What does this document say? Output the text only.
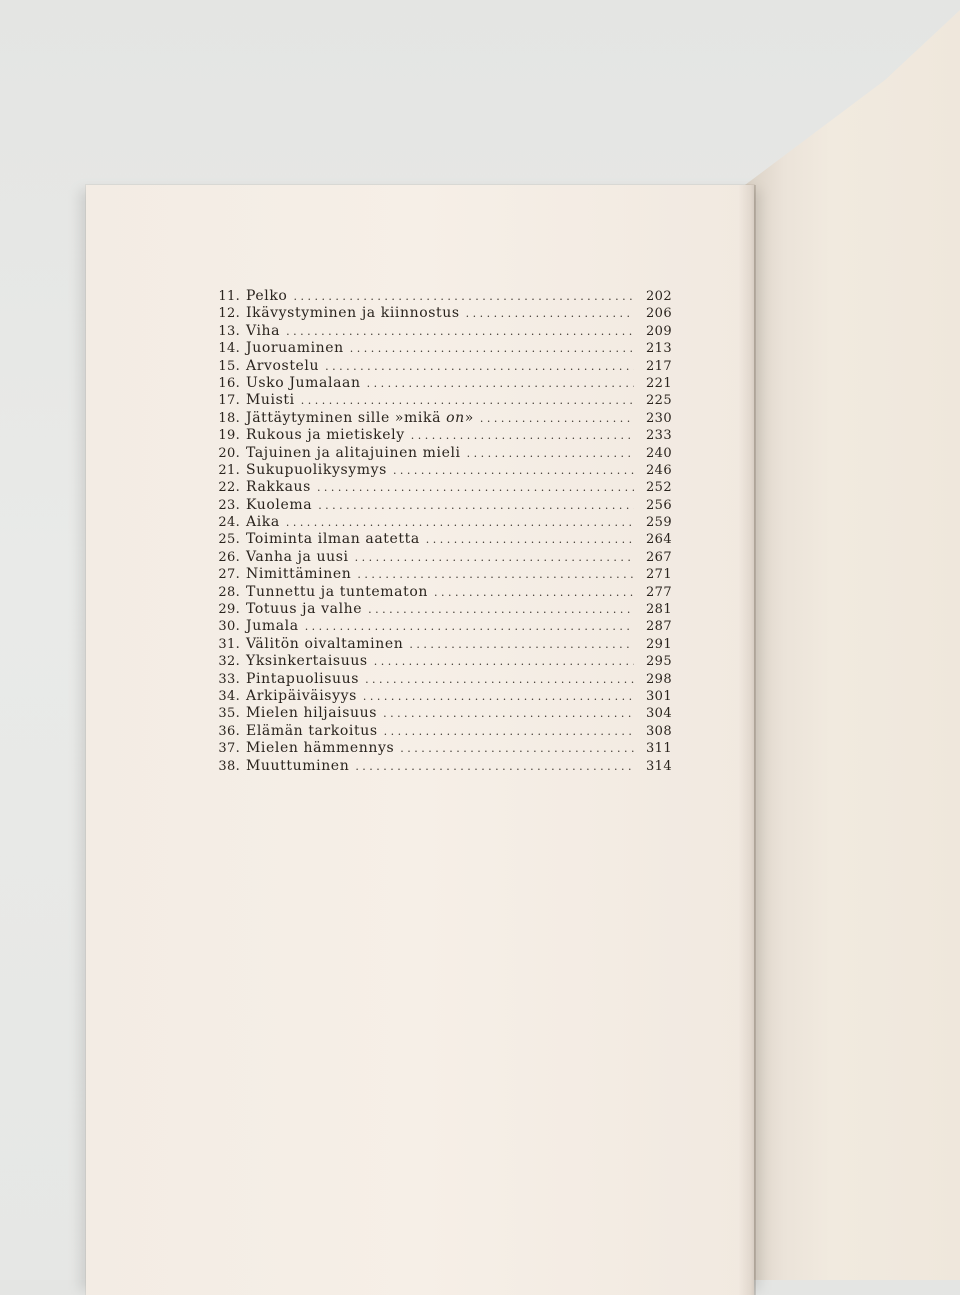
11. Pelko . . .	202
12. Ikävystyminen ja kiinnostus . . .	206
13. Viha . . .	209
14. Juoruaminen . . .	213
15. Arvostelu . . .	217
16. Usko Jumalaan . . .	221
17. Muisti . . .	225
18. Jättäytyminen sille »mikä on» . . .	230
19. Rukous ja mietiskely . . .	233
20. Tajuinen ja alitajuinen mieli . . .	240
21. Sukupuolikysymys . . .	246
22. Rakkaus . . .	252
23. Kuolema . . .	256
24. Aika . . .	259
25. Toiminta ilman aatetta . . .	264
26. Vanha ja uusi . . .	267
27. Nimittäminen . . .	271
28. Tunnettu ja tuntematon . . .	277
29. Totuus ja valhe . . .	281
30. Jumala . . .	287
31. Välitön oivaltaminen . . .	291
32. Yksinkertaisuus . . .	295
33. Pintapuolisuus . . .	298
34. Arkipäiväisyys . . .	301
35. Mielen hiljaisuus . . .	304
36. Elämän tarkoitus . . .	308
37. Mielen hämmennys . . .	311
38. Muuttuminen . . .	314
